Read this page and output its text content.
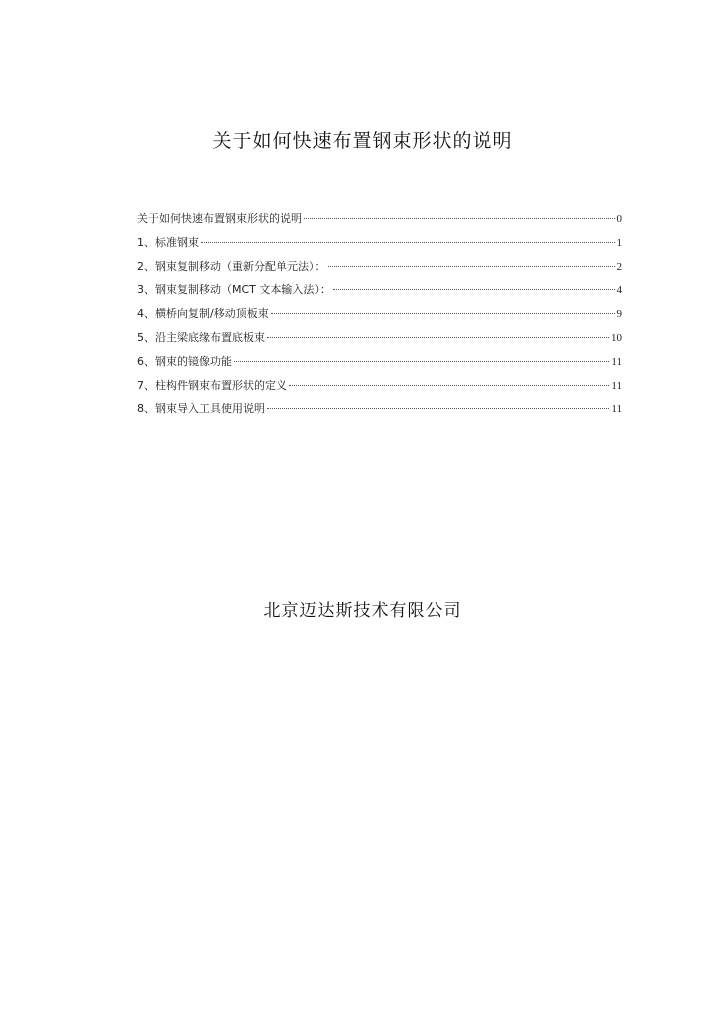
关于如何快速布置钢束形状的说明
关于如何快速布置钢束形状的说明	0
1、标准钢束	1
2、钢束复制移动（重新分配单元法）：	2
3、钢束复制移动（MCT 文本输入法）：	4
4、横桥向复制/移动顶板束	9
5、沿主梁底缘布置底板束	10
6、钢束的镜像功能	11
7、柱构件钢束布置形状的定义	11
8、钢束导入工具使用说明	11
北京迈达斯技术有限公司
